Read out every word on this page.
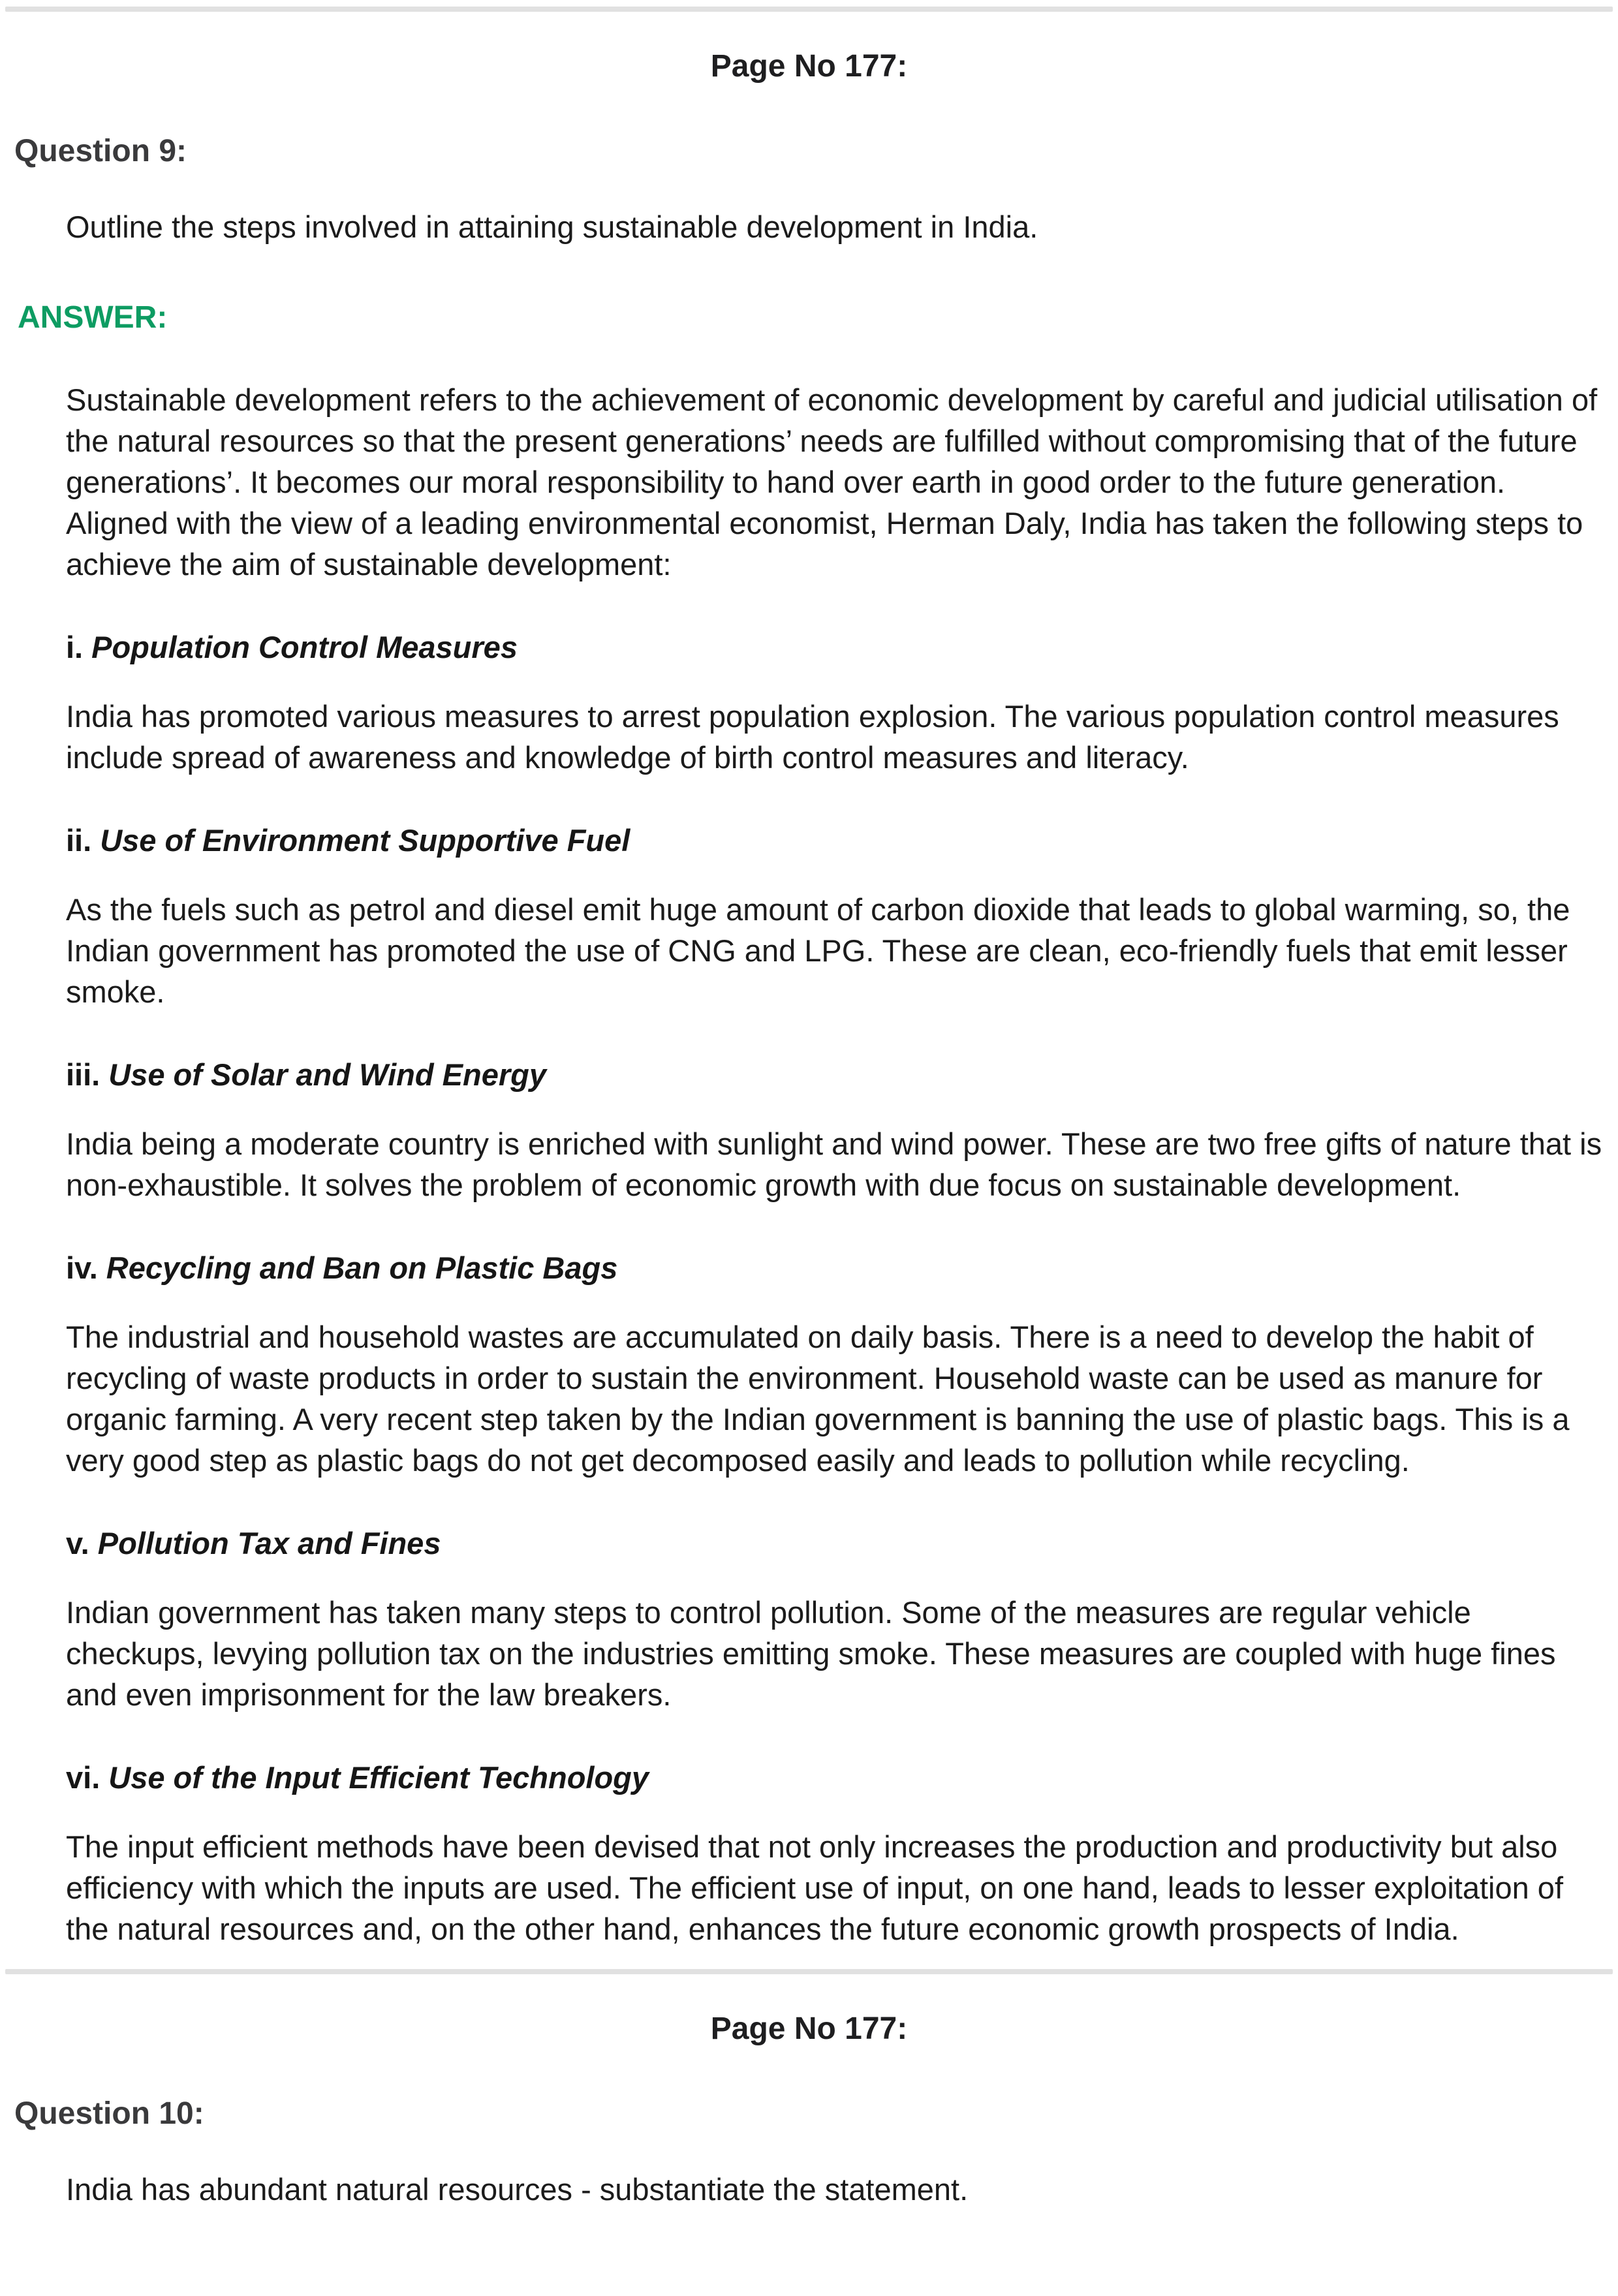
Page No 177:
Question 9:
Outline the steps involved in attaining sustainable development in India.
ANSWER:
Sustainable development refers to the achievement of economic development by careful and judicial utilisation of the natural resources so that the present generations’ needs are fulfilled without compromising that of the future generations’. It becomes our moral responsibility to hand over earth in good order to the future generation. Aligned with the view of a leading environmental economist, Herman Daly, India has taken the following steps to achieve the aim of sustainable development:
i. Population Control Measures
India has promoted various measures to arrest population explosion. The various population control measures include spread of awareness and knowledge of birth control measures and literacy.
ii. Use of Environment Supportive Fuel
As the fuels such as petrol and diesel emit huge amount of carbon dioxide that leads to global warming, so, the Indian government has promoted the use of CNG and LPG. These are clean, eco-friendly fuels that emit lesser smoke.
iii. Use of Solar and Wind Energy
India being a moderate country is enriched with sunlight and wind power. These are two free gifts of nature that is non-exhaustible. It solves the problem of economic growth with due focus on sustainable development.
iv. Recycling and Ban on Plastic Bags
The industrial and household wastes are accumulated on daily basis. There is a need to develop the habit of recycling of waste products in order to sustain the environment. Household waste can be used as manure for organic farming. A very recent step taken by the Indian government is banning the use of plastic bags. This is a very good step as plastic bags do not get decomposed easily and leads to pollution while recycling.
v. Pollution Tax and Fines
Indian government has taken many steps to control pollution. Some of the measures are regular vehicle checkups, levying pollution tax on the industries emitting smoke. These measures are coupled with huge fines and even imprisonment for the law breakers.
vi. Use of the Input Efficient Technology
The input efficient methods have been devised that not only increases the production and productivity but also efficiency with which the inputs are used. The efficient use of input, on one hand, leads to lesser exploitation of the natural resources and, on the other hand, enhances the future economic growth prospects of India.
Page No 177:
Question 10:
India has abundant natural resources - substantiate the statement.
